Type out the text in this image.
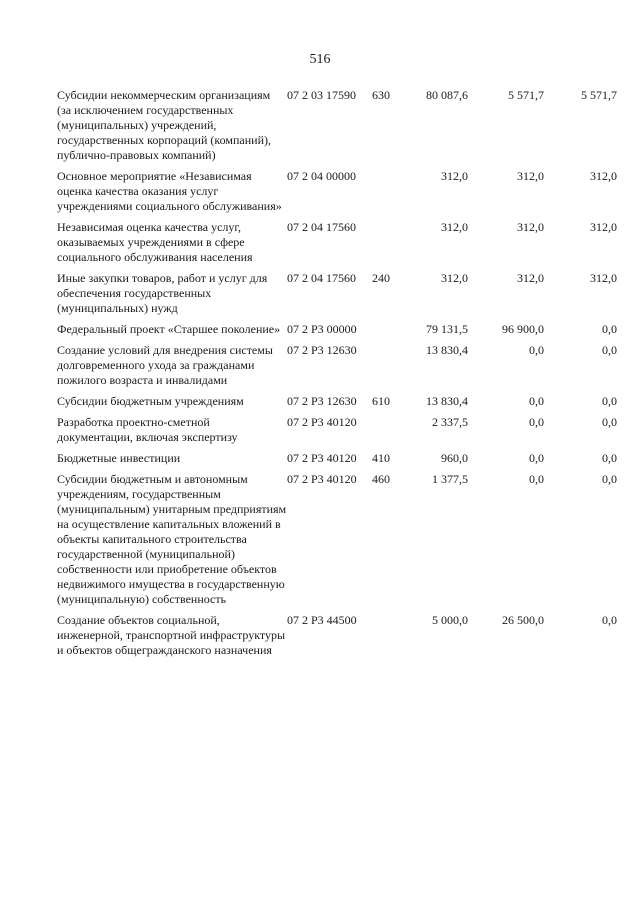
516
Субсидии некоммерческим организациям (за исключением государственных (муниципальных) учреждений, государственных корпораций (компаний), публично-правовых компаний)	07 2 03 17590	630	80 087,6	5 571,7	5 571,7
Основное мероприятие «Независимая оценка качества оказания услуг учреждениями социального обслуживания»	07 2 04 00000		312,0	312,0	312,0
Независимая оценка качества услуг, оказываемых учреждениями в сфере социального обслуживания населения	07 2 04 17560		312,0	312,0	312,0
Иные закупки товаров, работ и услуг для обеспечения государственных (муниципальных) нужд	07 2 04 17560	240	312,0	312,0	312,0
Федеральный проект «Старшее поколение»	07 2 Р3 00000		79 131,5	96 900,0	0,0
Создание условий для внедрения системы долговременного ухода за гражданами пожилого возраста и инвалидами	07 2 Р3 12630		13 830,4	0,0	0,0
Субсидии бюджетным учреждениям	07 2 Р3 12630	610	13 830,4	0,0	0,0
Разработка проектно-сметной документации, включая экспертизу	07 2 Р3 40120		2 337,5	0,0	0,0
Бюджетные инвестиции	07 2 Р3 40120	410	960,0	0,0	0,0
Субсидии бюджетным и автономным учреждениям, государственным (муниципальным) унитарным предприятиям на осуществление капитальных вложений в объекты капитального строительства государственной (муниципальной) собственности или приобретение объектов недвижимого имущества в государственную (муниципальную) собственность	07 2 Р3 40120	460	1 377,5	0,0	0,0
Создание объектов социальной, инженерной, транспортной инфраструктуры и объектов общегражданского назначения	07 2 Р3 44500		5 000,0	26 500,0	0,0
